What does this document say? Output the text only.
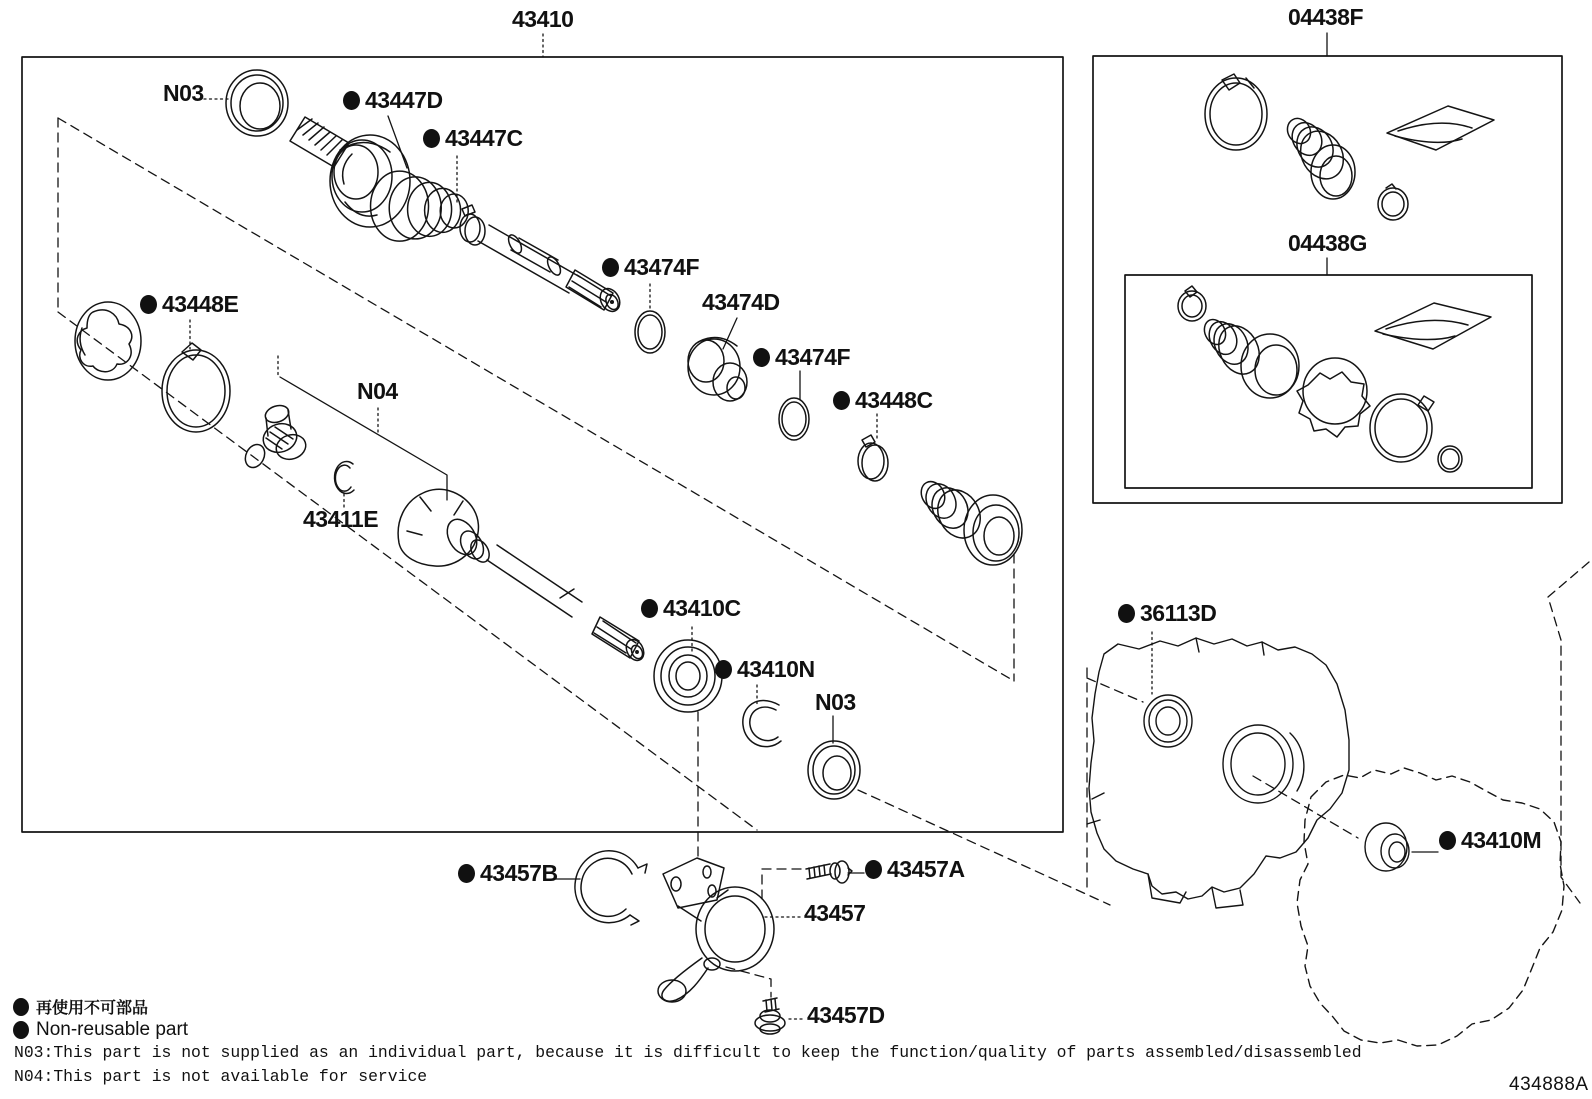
43410	04438F
04438G
N03	43447D
43447C
43474F
43474D
43474F
43448C
43448E
N04
43411E
43410C
43410N
N03
36113D
43410M
43457B	43457A
43457
43457D
再使用不可部品
Non-reusable part
N03:This part is not supplied as an individual part, because it is difficult to keep the function/quality of parts assembled/disassembled
N04:This part is not available for service	434888A
